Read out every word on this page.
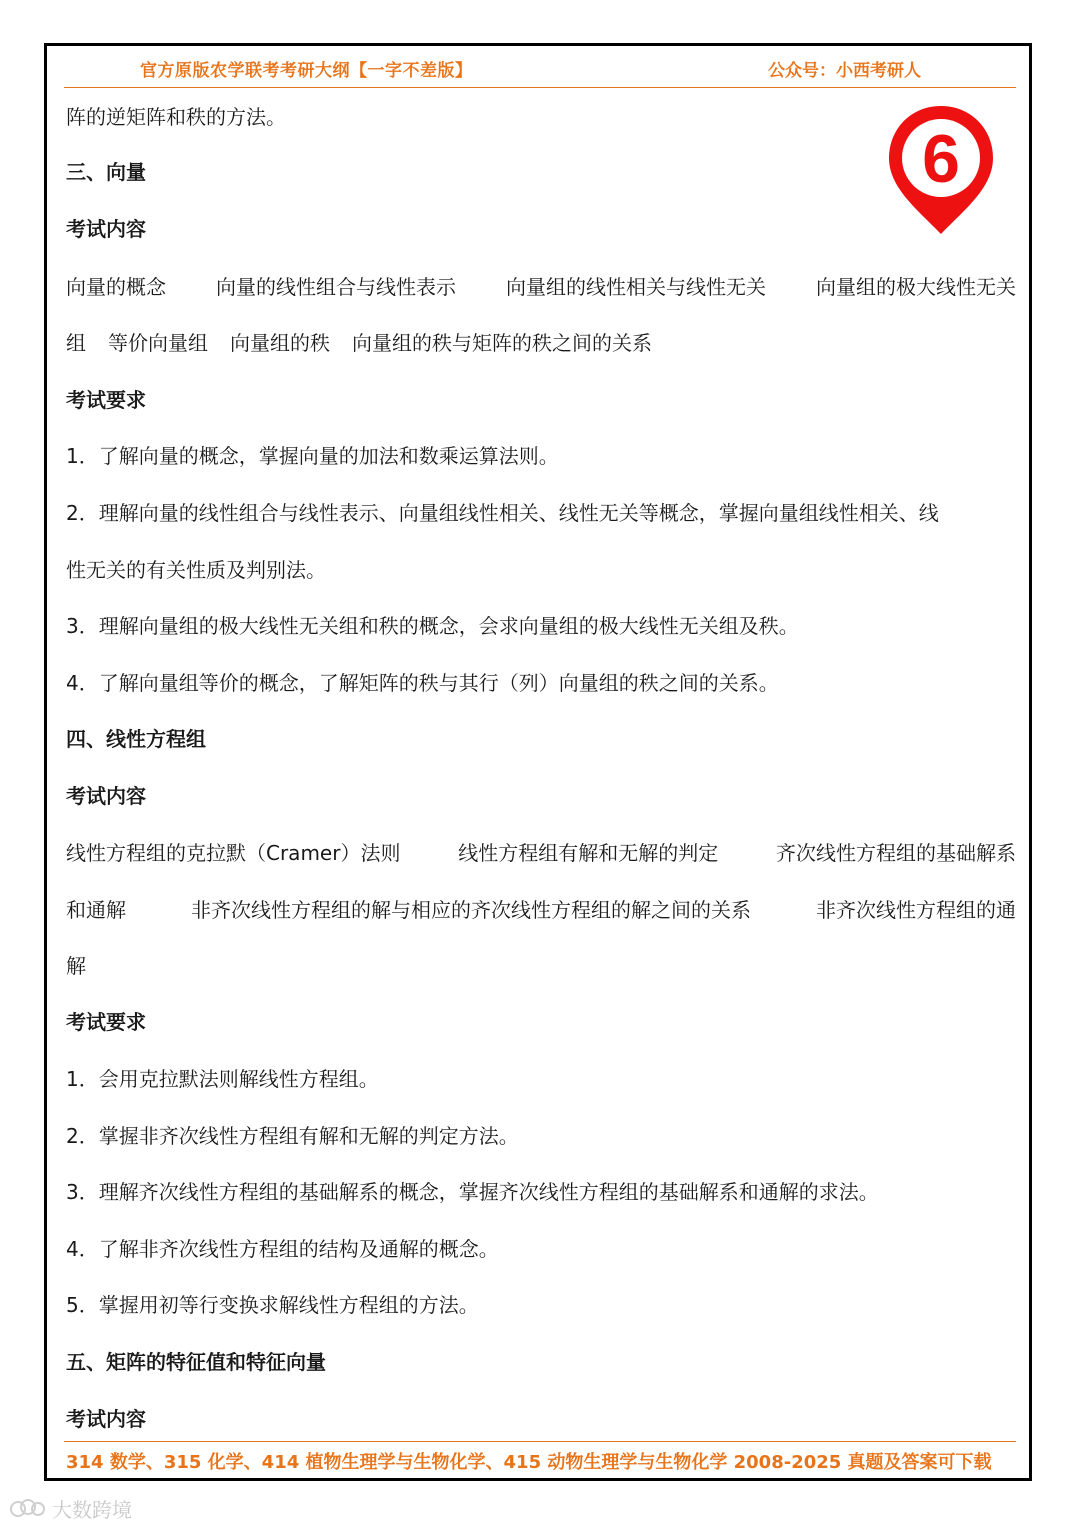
官方原版农学联考考研大纲【一字不差版】	公众号：小西考研人
6
阵的逆矩阵和秩的方法。
三、向量
考试内容
向量的概念	向量的线性组合与线性表示	向量组的线性相关与线性无关	向量组的极大线性无关
组 等价向量组 向量组的秩 向量组的秩与矩阵的秩之间的关系
考试要求
1．了解向量的概念，掌握向量的加法和数乘运算法则。
2．理解向量的线性组合与线性表示、向量组线性相关、线性无关等概念，掌握向量组线性相关、线
性无关的有关性质及判别法。
3．理解向量组的极大线性无关组和秩的概念，会求向量组的极大线性无关组及秩。
4．了解向量组等价的概念，了解矩阵的秩与其行（列）向量组的秩之间的关系。
四、线性方程组
考试内容
线性方程组的克拉默（Cramer）法则	线性方程组有解和无解的判定	齐次线性方程组的基础解系
和通解	非齐次线性方程组的解与相应的齐次线性方程组的解之间的关系	非齐次线性方程组的通
解
考试要求
1．会用克拉默法则解线性方程组。
2．掌握非齐次线性方程组有解和无解的判定方法。
3．理解齐次线性方程组的基础解系的概念，掌握齐次线性方程组的基础解系和通解的求法。
4．了解非齐次线性方程组的结构及通解的概念。
5．掌握用初等行变换求解线性方程组的方法。
五、矩阵的特征值和特征向量
考试内容
314 数学、315 化学、414 植物生理学与生物化学、415 动物生理学与生物化学 2008-2025 真题及答案可下载
大数跨境
